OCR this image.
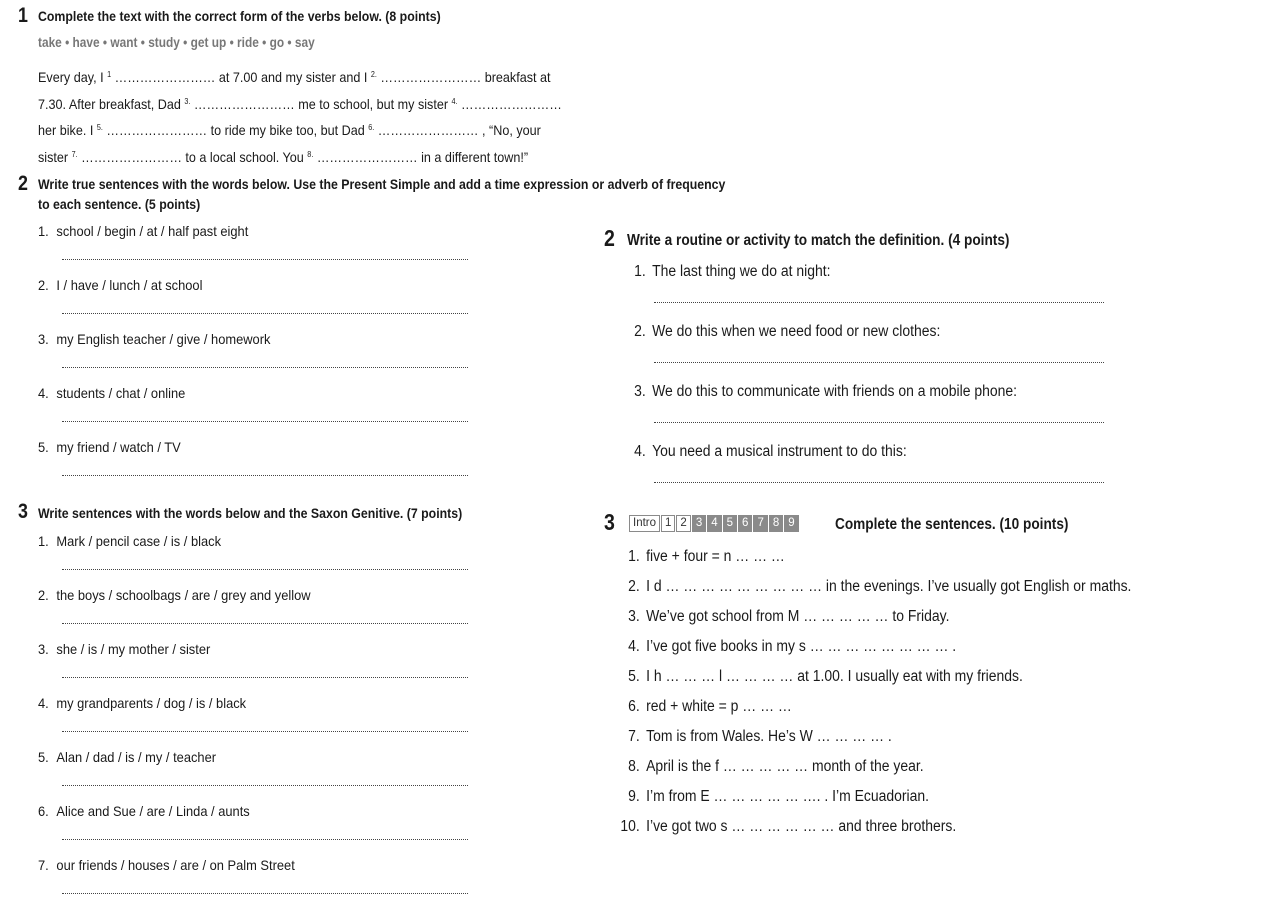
1 Complete the text with the correct form of the verbs below. (8 points)
take • have • want • study • get up • ride • go • say
Every day, I $^1$ …………………… at 7.00 and my sister and I $^{2.}$ …………………… breakfast at
7.30. After breakfast, Dad $^{3.}$ …………………… me to school, but my sister $^{4.}$ ……………………
her bike. I $^{5.}$ …………………… to ride my bike too, but Dad $^{6.}$ …………………… , “No, your
sister $^{7.}$ …………………… to a local school. You $^{8.}$ …………………… in a different town!”
2 Write true sentences with the words below. Use the Present Simple and add a time expression or adverb of frequency
to each sentence. (5 points)
1. school / begin / at / half past eight
2. I / have / lunch / at school
3. my English teacher / give / homework
4. students / chat / online
5. my friend / watch / TV
3 Write sentences with the words below and the Saxon Genitive. (7 points)
1. Mark / pencil case / is / black
2. the boys / schoolbags / are / grey and yellow
3. she / is / my mother / sister
4. my grandparents / dog / is / black
5. Alan / dad / is / my / teacher
6. Alice and Sue / are / Linda / aunts
7. our friends / houses / are / on Palm Street
2 Write a routine or activity to match the definition. (4 points)
1. The last thing we do at night:
2. We do this when we need food or new clothes:
3. We do this to communicate with friends on a mobile phone:
4. You need a musical instrument to do this:
3	Intro 1 2 3 4 5 6 7 8 9	Complete the sentences. (10 points)
1. five + four = n … … …
2. I d … … … … … … … … … in the evenings. I’ve usually got English or maths.
3. We’ve got school from M … … … … … to Friday.
4. I’ve got five books in my s … … … … … … … … .
5. I h … … … l … … … … at 1.00. I usually eat with my friends.
6. red + white = p … … …
7. Tom is from Wales. He’s W … … … … .
8. April is the f … … … … … month of the year.
9. I’m from E … … … … … …. . I’m Ecuadorian.
10. I’ve got two s … … … … … … and three brothers.
